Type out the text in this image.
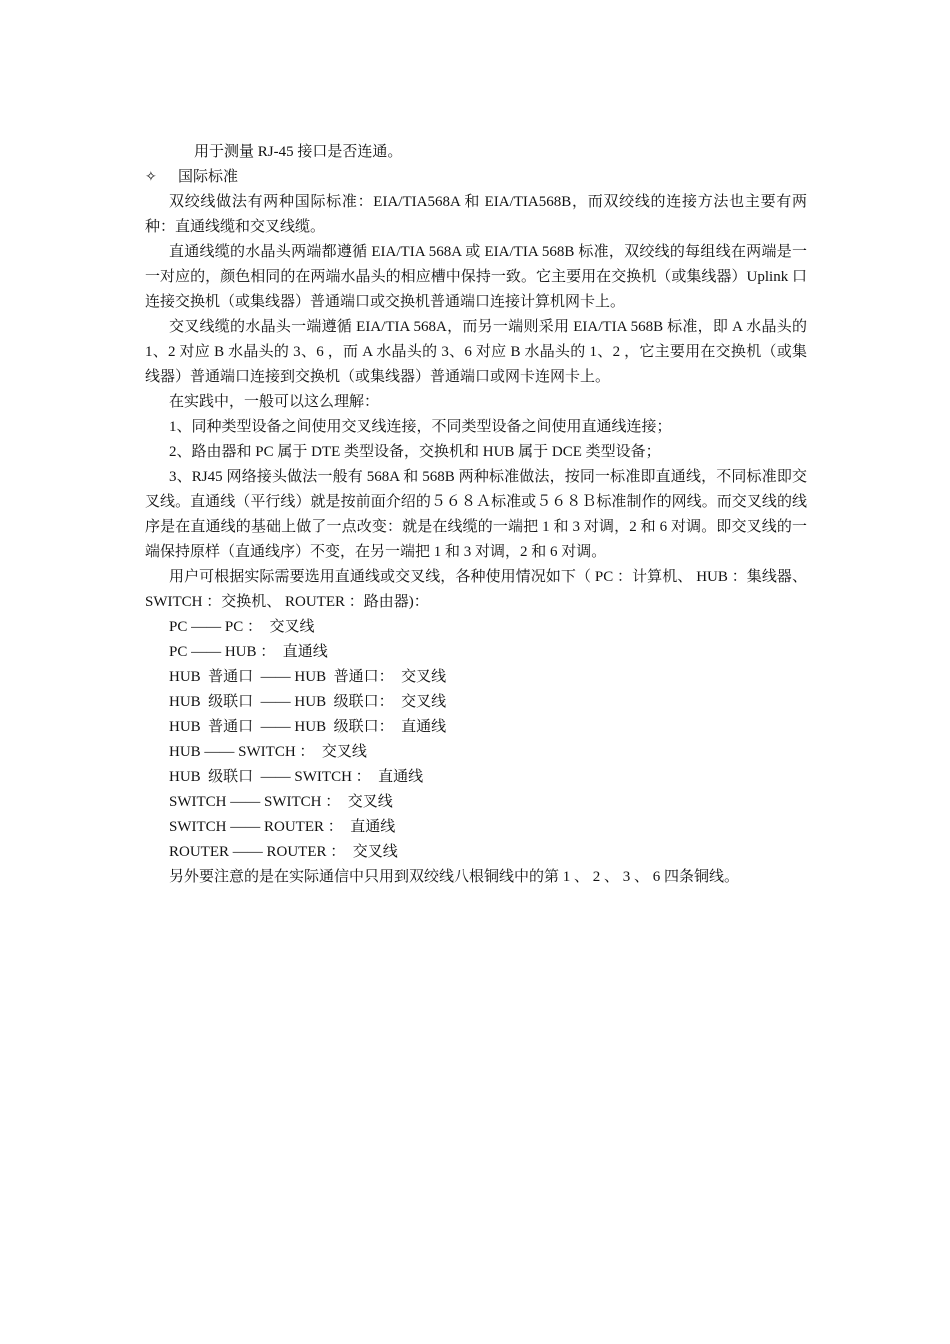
用于测量 RJ-45 接口是否连通。
✧	国际标准

双绞线做法有两种国际标准：EIA/TIA568A 和 EIA/TIA568B，而双绞线的连接方法也主要有两种：直通线缆和交叉线缆。

直通线缆的水晶头两端都遵循 EIA/TIA 568A 或 EIA/TIA 568B 标准，双绞线的每组线在两端是一一对应的，颜色相同的在两端水晶头的相应槽中保持一致。它主要用在交换机（或集线器）Uplink 口连接交换机（或集线器）普通端口或交换机普通端口连接计算机网卡上。

交叉线缆的水晶头一端遵循 EIA/TIA 568A，而另一端则采用 EIA/TIA 568B 标准，即 A 水晶头的 1、2 对应 B 水晶头的 3、6 ，而 A 水晶头的 3、6 对应 B 水晶头的 1、2 ，它主要用在交换机（或集线器）普通端口连接到交换机（或集线器）普通端口或网卡连网卡上。

在实践中，一般可以这么理解：

1、同种类型设备之间使用交叉线连接，不同类型设备之间使用直通线连接；

2、路由器和 PC 属于 DTE 类型设备，交换机和 HUB 属于 DCE 类型设备；

3、RJ45 网络接头做法一般有 568A 和 568B 两种标准做法，按同一标准即直通线，不同标准即交叉线。直通线（平行线）就是按前面介绍的５６８Ａ标准或５６８Ｂ标准制作的网线。而交叉线的线序是在直通线的基础上做了一点改变：就是在线缆的一端把 1 和 3 对调，2 和 6 对调。即交叉线的一端保持原样（直通线序）不变，在另一端把 1 和 3 对调，2 和 6 对调。

用户可根据实际需要选用直通线或交叉线，各种使用情况如下（ PC ：计算机、 HUB ：集线器、 SWITCH ：交换机、 ROUTER ：路由器)：

PC —— PC ：  交叉线
PC —— HUB ：  直通线
HUB  普通口  —— HUB  普通口：  交叉线
HUB  级联口  —— HUB  级联口：  交叉线
HUB  普通口  —— HUB  级联口：  直通线
HUB —— SWITCH ：  交叉线
HUB  级联口  —— SWITCH ：  直通线
SWITCH —— SWITCH ：  交叉线
SWITCH —— ROUTER ：  直通线
ROUTER —— ROUTER ：  交叉线

另外要注意的是在实际通信中只用到双绞线八根铜线中的第 1 、 2 、 3 、 6 四条铜线。
